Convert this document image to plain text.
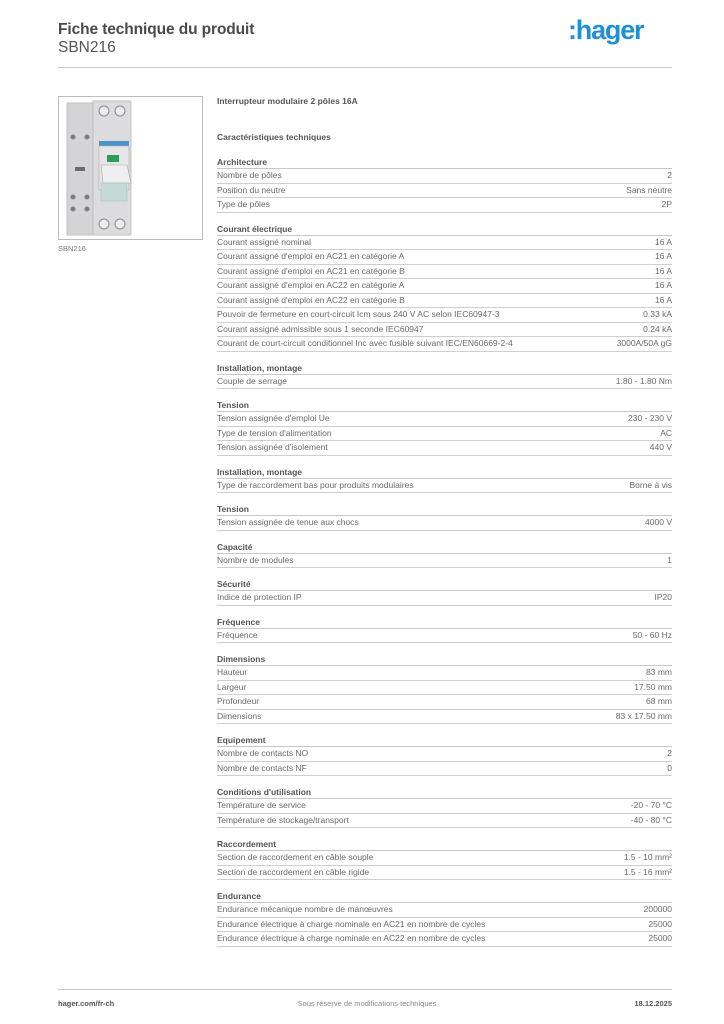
Fiche technique du produit
SBN216
:hager
SBN216
Interrupteur modulaire 2 pôles 16A
Caractéristiques techniques
Architecture
Nombre de pôles	2
Position du neutre	Sans neutre
Type de pôles	2P
Courant électrique
Courant assigné nominal	16 A
Courant assigné d'emploi en AC21 en catégorie A	16 A
Courant assigné d'emploi en AC21 en catégorie B	16 A
Courant assigné d'emploi en AC22 en catégorie A	16 A
Courant assigné d'emploi en AC22 en catégorie B	16 A
Pouvoir de fermeture en court-circuit Icm sous 240 V AC selon IEC60947-3	0.33 kA
Courant assigné admissible sous 1 seconde IEC60947	0.24 kA
Courant de court-circuit conditionnel Inc avec fusible suivant IEC/EN60669-2-4	3000A/50A gG
Installation, montage
Couple de serrage	1.80 - 1.80 Nm
Tension
Tension assignée d'emploi Ue	230 - 230 V
Type de tension d'alimentation	AC
Tension assignée d'isolement	440 V
Installation, montage
Type de raccordement bas pour produits modulaires	Borne à vis
Tension
Tension assignée de tenue aux chocs	4000 V
Capacité
Nombre de modules	1
Sécurité
Indice de protection IP	IP20
Fréquence
Fréquence	50 - 60 Hz
Dimensions
Hauteur	83 mm
Largeur	17.50 mm
Profondeur	68 mm
Dimensions	83 x 17.50 mm
Equipement
Nombre de contacts NO	2
Nombre de contacts NF	0
Conditions d'utilisation
Température de service	-20 - 70 °C
Température de stockage/transport	-40 - 80 °C
Raccordement
Section de raccordement en câble souple	1.5 - 10 mm²
Section de raccordement en câble rigide	1.5 - 16 mm²
Endurance
Endurance mécanique nombre de manœuvres	200000
Endurance électrique à charge nominale en AC21 en nombre de cycles	25000
Endurance électrique à charge nominale en AC22 en nombre de cycles	25000
hager.com/fr-ch	Sous réserve de modifications techniques	18.12.2025
